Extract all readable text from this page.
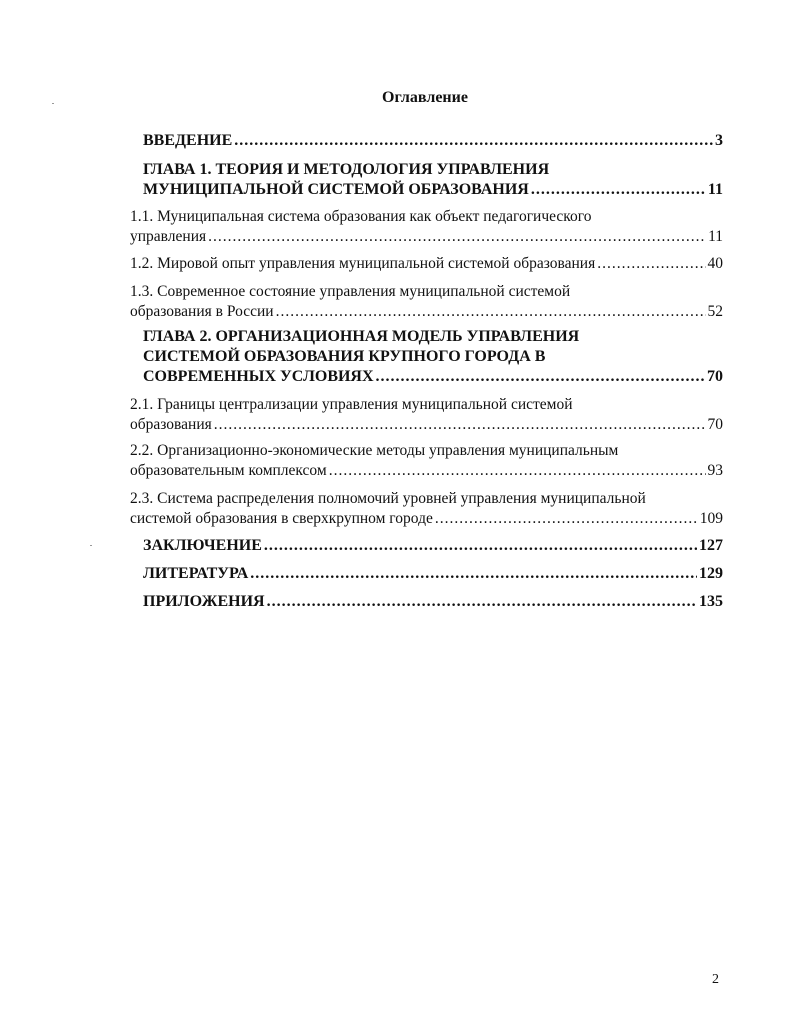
Оглавление
ВВЕДЕНИЕ .....	3
ГЛАВА 1. ТЕОРИЯ И МЕТОДОЛОГИЯ УПРАВЛЕНИЯ
МУНИЦИПАЛЬНОЙ СИСТЕМОЙ ОБРАЗОВАНИЯ .....	11
1.1. Муниципальная система образования как объект педагогического
управления .....	11
1.2. Мировой опыт управления муниципальной системой образования .....	40
1.3. Современное состояние управления муниципальной системой
образования в России .....	52
ГЛАВА 2. ОРГАНИЗАЦИОННАЯ МОДЕЛЬ УПРАВЛЕНИЯ
СИСТЕМОЙ ОБРАЗОВАНИЯ КРУПНОГО ГОРОДА В
СОВРЕМЕННЫХ УСЛОВИЯХ .....	70
2.1. Границы централизации управления муниципальной системой
образования .....	70
2.2. Организационно-экономические методы управления муниципальным
образовательным комплексом .....	93
2.3. Система распределения полномочий уровней управления муниципальной
системой образования в сверхкрупном городе .....	109
ЗАКЛЮЧЕНИЕ .....	127
ЛИТЕРАТУРА .....	129
ПРИЛОЖЕНИЯ .....	135
2
